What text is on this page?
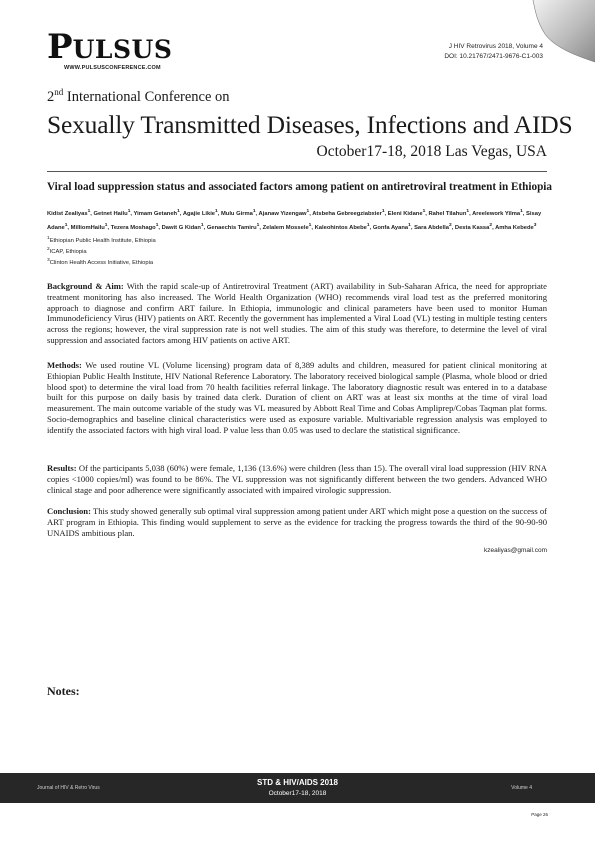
PULSUS
WWW.PULSUSCONFERENCE.COM
J HIV Retrovirus 2018, Volume 4
DOI: 10.21767/2471-9676-C1-003
2nd International Conference on
Sexually Transmitted Diseases, Infections and AIDS
October17-18, 2018 Las Vegas, USA
Viral load suppression status and associated factors among patient on antiretroviral treatment in Ethiopia
Kidist Zealiyas$^1$, Getnet Hailu$^1$, Yimam Getaneh$^1$, Agajie Likie$^1$, Mulu Girma$^1$, Ajanaw Yizengaw$^1$, Atsbeha Gebreegziabxier$^1$, Eleni Kidane$^1$, Rahel Tilahun$^1$, Areelework Yilma$^1$, Sisay Adane$^1$, MilliomHailu$^1$, Tezera Moshago$^1$, Dawit G Kidan$^1$, Genaechis Tamiru$^1$, Zelalem Mossele$^1$, Kaleohintos Abebe$^1$, Gonfa Ayana$^1$, Sara Abdella$^2$, Desta Kassa$^2$, Amha Kebede$^3$
$^1$Ethiopian Public Health Institute, Ethiopia
$^2$ICAP, Ethiopia
$^3$Clinton Health Access Initiative, Ethiopia
Background & Aim: With the rapid scale-up of Antiretroviral Treatment (ART) availability in Sub-Saharan Africa, the need for appropriate treatment monitoring has also increased. The World Health Organization (WHO) recommends viral load test as the preferred monitoring approach to diagnose and confirm ART failure. In Ethiopia, immunologic and clinical parameters have been used to monitor Human Immunodeficiency Virus (HIV) patients on ART. Recently the government has implemented a Viral Load (VL) testing in multiple testing centers across the regions; however, the viral suppression rate is not well studies. The aim of this study was therefore, to determine the level of viral suppression and associated factors among HIV patients on active ART.
Methods: We used routine VL (Volume licensing) program data of 8,389 adults and children, measured for patient clinical monitoring at Ethiopian Public Health Institute, HIV National Reference Laboratory. The laboratory received biological sample (Plasma, whole blood or dried blood spot) to determine the viral load from 70 health facilities referral linkage. The laboratory diagnostic result was entered in to a database built for this purpose on daily basis by trained data clerk. Duration of client on ART was at least six months at the time of viral load measurement. The main outcome variable of the study was VL measured by Abbott Real Time and Cobas Ampliprep/Cobas Taqman plat forms. Socio-demographics and baseline clinical characteristics were used as exposure variable. Multivariable regression analysis was employed to identify the associated factors with high viral load. P value less than 0.05 was used to declare the statistical significance.
Results: Of the participants 5,038 (60%) were female, 1,136 (13.6%) were children (less than 15). The overall viral load suppression (HIV RNA copies <1000 copies/ml) was found to be 86%. The VL suppression was not significantly different between the two genders. Advanced WHO clinical stage and poor adherence were significantly associated with impaired virologic suppression.
Conclusion: This study showed generally sub optimal viral suppression among patient under ART which might pose a question on the success of ART program in Ethiopia. This finding would supplement to serve as the evidence for tracking the progress towards the third of the 90-90-90 UNAIDS ambitious plan.
kzealiyas@gmail.com
Notes:
Journal of HIV & Retro Virus
STD & HIV/AIDS 2018
October17-18, 2018
Volume 4
Page 26
